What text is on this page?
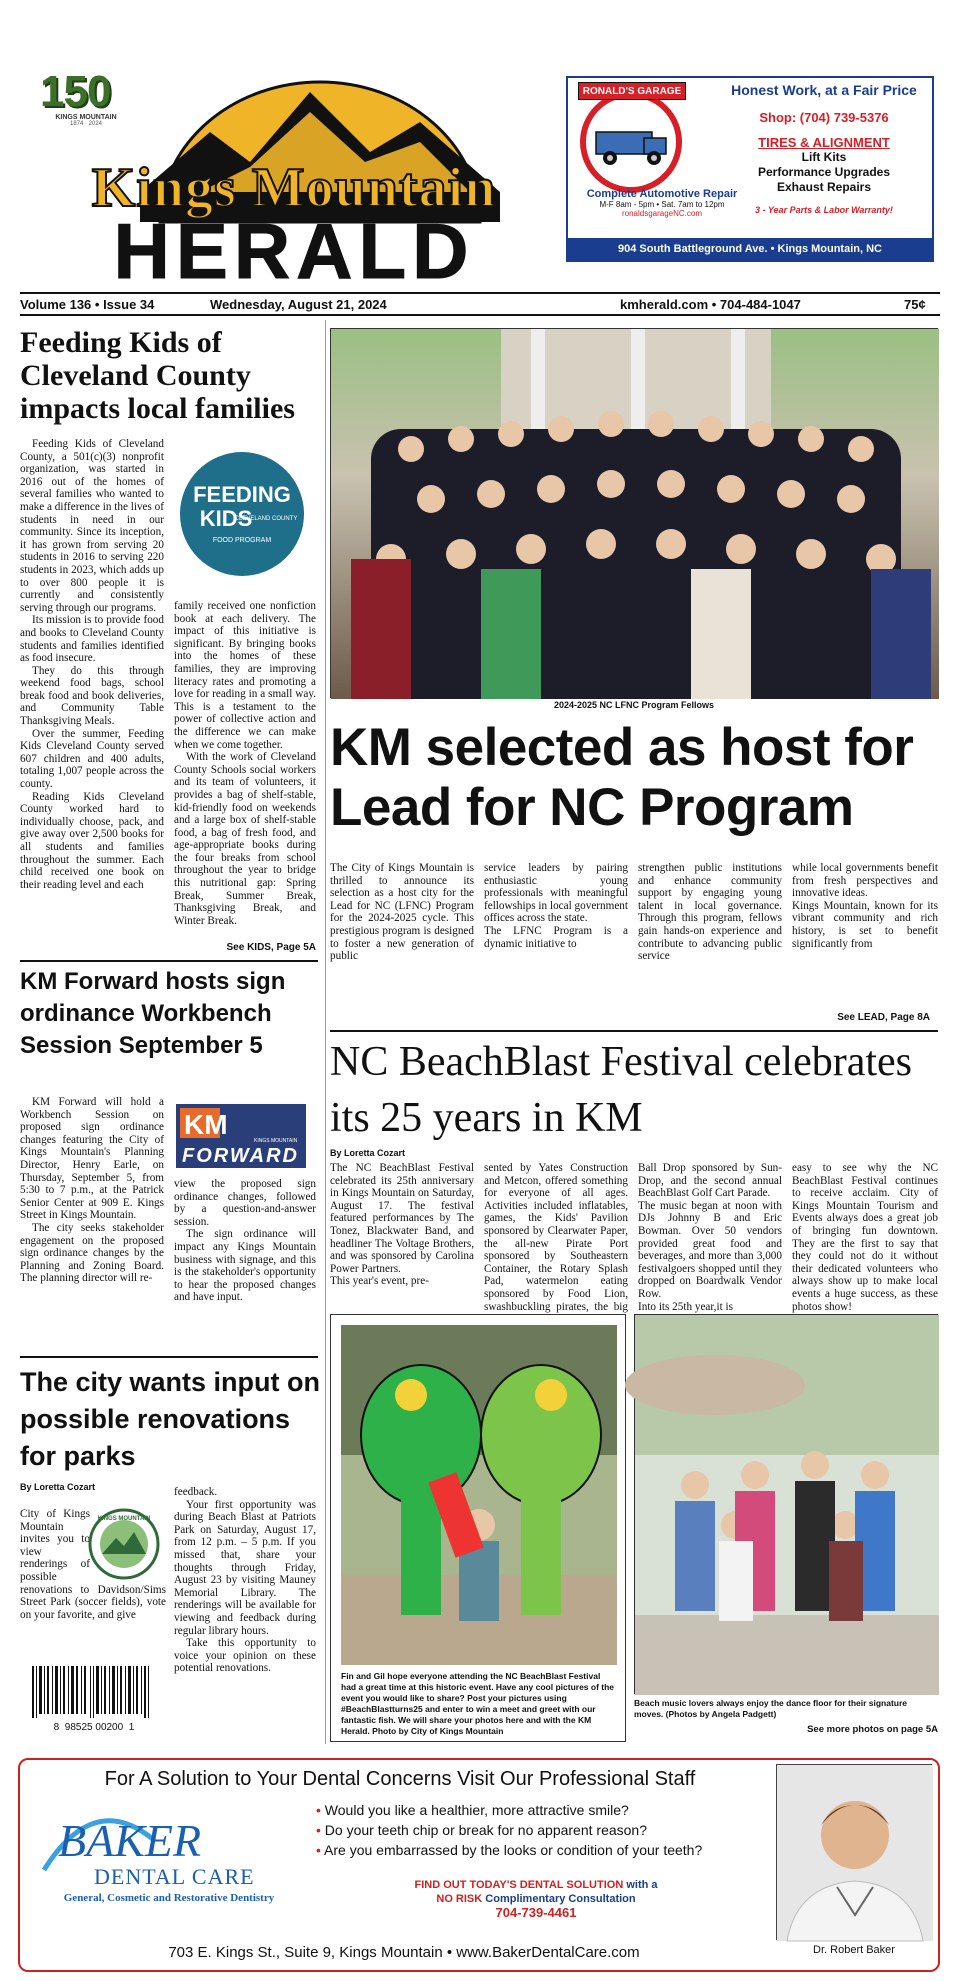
150
KINGS MOUNTAIN
1874 · 2024
Kings Mountain
HERALD
RONALD'S GARAGE	Honest Work, at a Fair Price
Shop: (704) 739-5376
TIRES & ALIGNMENT
Lift Kits
Performance Upgrades
Exhaust Repairs
3 - Year Parts & Labor Warranty!
Complete Automotive Repair
M-F 8am - 5pm • Sat. 7am to 12pm
ronaldsgarageNC.com
904 South Battleground Ave. • Kings Mountain, NC
Volume 136 • Issue 34	Wednesday, August 21, 2024	kmherald.com • 704-484-1047	75¢
Feeding Kids of Cleveland County impacts local families

Feeding Kids of Cleveland County, a 501(c)(3) nonprofit organization, was started in 2016 out of the homes of several families who wanted to make a difference in the lives of students in need in our community. Since its inception, it has grown from serving 20 students in 2016 to serving 220 students in 2023, which adds up to over 800 people it is currently and consistently serving through our programs.

Its mission is to provide food and books to Cleveland County students and families identified as food insecure.

They do this through weekend food bags, school break food and book deliveries, and Community Table Thanksgiving Meals.

Over the summer, Feeding Kids Cleveland County served 607 children and 400 adults, totaling 1,007 people across the county.

Reading Kids Cleveland County worked hard to individually choose, pack, and give away over 2,500 books for all students and families throughout the summer. Each child received one book on their reading level and each

FEEDING
KIDS
CLEVELAND COUNTY
FOOD PROGRAM

family received one nonfiction book at each delivery. The impact of this initiative is significant. By bringing books into the homes of these families, they are improving literacy rates and promoting a love for reading in a small way. This is a testament to the power of collective action and the difference we can make when we come together.

With the work of Cleveland County Schools social workers and its team of volunteers, it provides a bag of shelf-stable, kid-friendly food on weekends and a large box of shelf-stable food, a bag of fresh food, and age-appropriate books during the four breaks from school throughout the year to bridge this nutritional gap: Spring Break, Summer Break, Thanksgiving Break, and Winter Break.

See KIDS, Page 5A
KM Forward hosts sign ordinance Workbench Session September 5

KM Forward will hold a Workbench Session on proposed sign ordinance changes featuring the City of Kings Mountain's Planning Director, Henry Earle, on Thursday, September 5, from 5:30 to 7 p.m., at the Patrick Senior Center at 909 E. Kings Street in Kings Mountain.

The city seeks stakeholder engagement on the proposed sign ordinance changes by the Planning and Zoning Board. The planning director will re-

KM
FORWARD
KINGS MOUNTAIN

view the proposed sign ordinance changes, followed by a question-and-answer session.

The sign ordinance will impact any Kings Mountain business with signage, and this is the stakeholder's opportunity to hear the proposed changes and have input.

The city wants input on possible renovations for parks
By Loretta Cozart
City of Kings Mountain invites you to view renderings of possible renovations to Davidson/Sims Street Park (soccer fields), vote on your favorite, and give
KINGS MOUNTAIN

feedback.

Your first opportunity was during Beach Blast at Patriots Park on Saturday, August 17, from 12 p.m. – 5 p.m. If you missed that, share your thoughts through Friday, August 23 by visiting Mauney Memorial Library. The renderings will be available for viewing and feedback during regular library hours.

Take this opportunity to voice your opinion on these potential renovations.

8  98525 00200  1
2024-2025 NC LFNC Program Fellows
KM selected as host for Lead for NC Program
The City of Kings Mountain is thrilled to announce its selection as a host city for the Lead for NC (LFNC) Program for the 2024-2025 cycle. This prestigious program is designed to foster a new generation of public
service leaders by pairing enthusiastic young professionals with meaningful fellowships in local government offices across the state.
The LFNC Program is a dynamic initiative to
strengthen public institutions and enhance community support by engaging young talent in local governance. Through this program, fellows gain hands-on experience and contribute to advancing public service
while local governments benefit from fresh perspectives and innovative ideas.
Kings Mountain, known for its vibrant community and rich history, is set to benefit significantly from
See LEAD, Page 8A
NC BeachBlast Festival celebrates its 25 years in KM
By Loretta Cozart
The NC BeachBlast Festival celebrated its 25th anniversary in Kings Mountain on Saturday, August 17. The festival featured performances by The Tonez, Blackwater Band, and headliner The Voltage Brothers, and was sponsored by Carolina Power Partners.
This year's event, pre-
sented by Yates Construction and Metcon, offered something for everyone of all ages. Activities included inflatables, games, the Kids' Pavilion sponsored by Clearwater Paper, the all-new Pirate Port sponsored by Southeastern Container, the Rotary Splash Pad, watermelon eating sponsored by Food Lion, swashbuckling pirates, the big
Ball Drop sponsored by Sun-Drop, and the second annual BeachBlast Golf Cart Parade.
The music began at noon with DJs Johnny B and Eric Bowman. Over 50 vendors provided great food and beverages, and more than 3,000 festivalgoers shopped until they dropped on Boardwalk Vendor Row.
Into its 25th year,it is
easy to see why the NC BeachBlast Festival continues to receive acclaim. City of Kings Mountain Tourism and Events always does a great job of bringing fun downtown. They are the first to say that they could not do it without their dedicated volunteers who always show up to make local events a huge success, as these photos show!
Fin and Gil hope everyone attending the NC BeachBlast Festival had a great time at this historic event. Have any cool pictures of the event you would like to share? Post your pictures using #BeachBlastturns25 and enter to win a meet and greet with our fantastic fish. We will share your photos here and with the KM Herald. Photo by City of Kings Mountain
Beach music lovers always enjoy the dance floor for their signature moves. (Photos by Angela Padgett)
See more photos on page 5A
For A Solution to Your Dental Concerns Visit Our Professional Staff
BAKER
DENTAL CARE
General, Cosmetic and Restorative Dentistry
• Would you like a healthier, more attractive smile?
• Do your teeth chip or break for no apparent reason?
• Are you embarrassed by the looks or condition of your teeth?
FIND OUT TODAY'S DENTAL SOLUTION with a
NO RISK Complimentary Consultation
704-739-4461
703 E. Kings St., Suite 9, Kings Mountain • www.BakerDentalCare.com	Dr. Robert Baker
